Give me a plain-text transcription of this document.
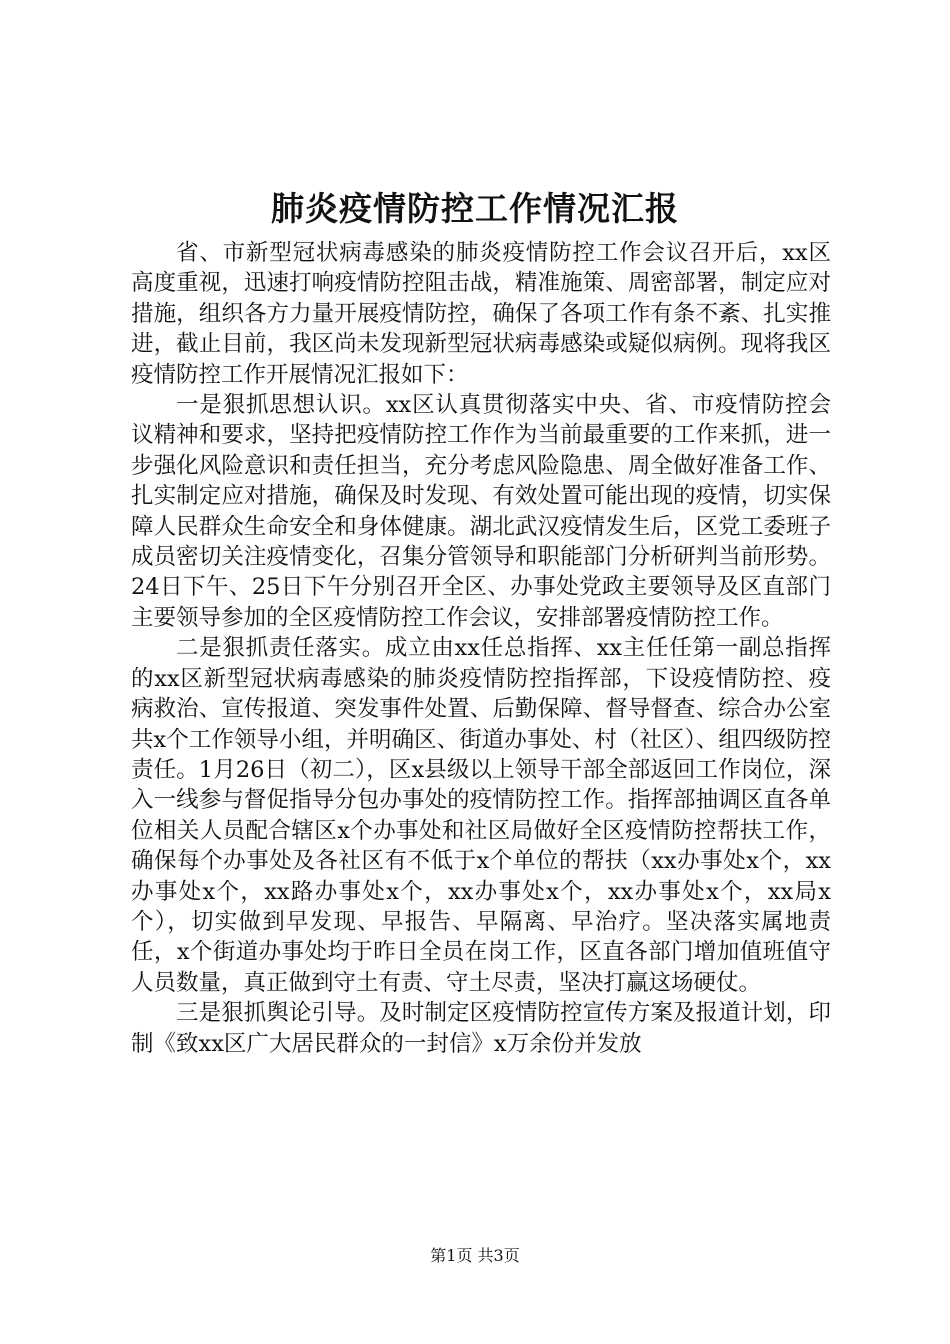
肺炎疫情防控工作情况汇报

省、市新型冠状病毒感染的肺炎疫情防控工作会议召开后，xx区高度重视，迅速打响疫情防控阻击战，精准施策、周密部署，制定应对措施，组织各方力量开展疫情防控，确保了各项工作有条不紊、扎实推进，截止目前，我区尚未发现新型冠状病毒感染或疑似病例。现将我区疫情防控工作开展情况汇报如下：

一是狠抓思想认识。xx区认真贯彻落实中央、省、市疫情防控会议精神和要求，坚持把疫情防控工作作为当前最重要的工作来抓，进一步强化风险意识和责任担当，充分考虑风险隐患、周全做好准备工作、扎实制定应对措施，确保及时发现、有效处置可能出现的疫情，切实保障人民群众生命安全和身体健康。湖北武汉疫情发生后，区党工委班子成员密切关注疫情变化，召集分管领导和职能部门分析研判当前形势。24日下午、25日下午分别召开全区、办事处党政主要领导及区直部门主要领导参加的全区疫情防控工作会议，安排部署疫情防控工作。

二是狠抓责任落实。成立由xx任总指挥、xx主任任第一副总指挥的xx区新型冠状病毒感染的肺炎疫情防控指挥部，下设疫情防控、疫病救治、宣传报道、突发事件处置、后勤保障、督导督查、综合办公室共x个工作领导小组，并明确区、街道办事处、村（社区）、组四级防控责任。1月26日（初二），区x县级以上领导干部全部返回工作岗位，深入一线参与督促指导分包办事处的疫情防控工作。指挥部抽调区直各单位相关人员配合辖区x个办事处和社区局做好全区疫情防控帮扶工作，确保每个办事处及各社区有不低于x个单位的帮扶（xx办事处x个，xx办事处x个，xx路办事处x个，xx办事处x个，xx办事处x个，xx局x个），切实做到早发现、早报告、早隔离、早治疗。坚决落实属地责任，x个街道办事处均于昨日全员在岗工作，区直各部门增加值班值守人员数量，真正做到守土有责、守土尽责，坚决打赢这场硬仗。

三是狠抓舆论引导。及时制定区疫情防控宣传方案及报道计划，印制《致xx区广大居民群众的一封信》x万余份并发放

第1页 共3页
